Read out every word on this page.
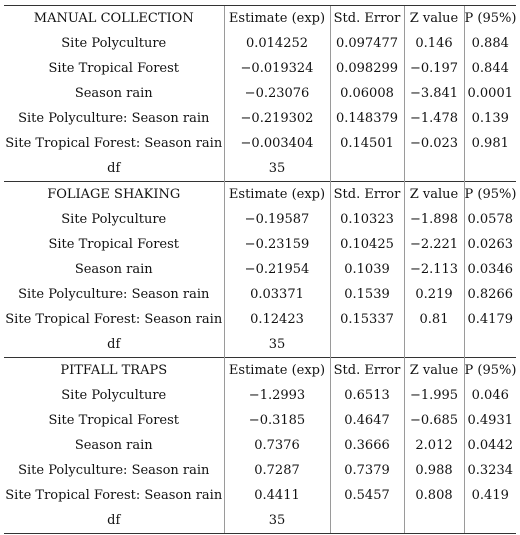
MANUAL COLLECTION	Estimate (exp)	Std. Error	Z value	P (95%)
Site Polyculture	0.014252	0.097477	0.146	0.884
Site Tropical Forest	−0.019324	0.098299	−0.197	0.844
Season rain	−0.23076	0.06008	−3.841	0.0001
Site Polyculture: Season rain	−0.219302	0.148379	−1.478	0.139
Site Tropical Forest: Season rain	−0.003404	0.14501	−0.023	0.981
df	35			
FOLIAGE SHAKING	Estimate (exp)	Std. Error	Z value	P (95%)
Site Polyculture	−0.19587	0.10323	−1.898	0.0578
Site Tropical Forest	−0.23159	0.10425	−2.221	0.0263
Season rain	−0.21954	0.1039	−2.113	0.0346
Site Polyculture: Season rain	0.03371	0.1539	0.219	0.8266
Site Tropical Forest: Season rain	0.12423	0.15337	0.81	0.4179
df	35			
PITFALL TRAPS	Estimate (exp)	Std. Error	Z value	P (95%)
Site Polyculture	−1.2993	0.6513	−1.995	0.046
Site Tropical Forest	−0.3185	0.4647	−0.685	0.4931
Season rain	0.7376	0.3666	2.012	0.0442
Site Polyculture: Season rain	0.7287	0.7379	0.988	0.3234
Site Tropical Forest: Season rain	0.4411	0.5457	0.808	0.419
df	35			
